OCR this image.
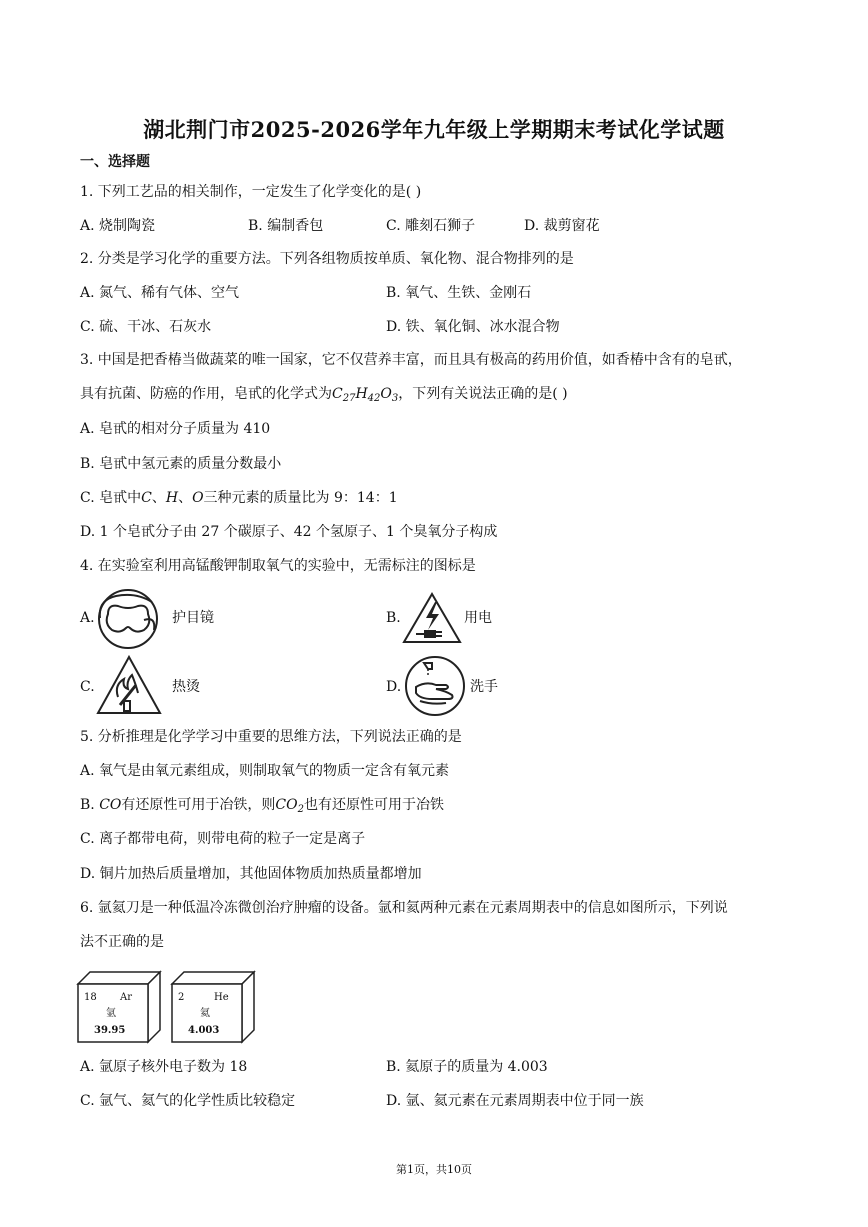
湖北荆门市2025-2026学年九年级上学期期末考试化学试题
一、选择题
1. 下列工艺品的相关制作，一定发生了化学变化的是( )
A. 烧制陶瓷	B. 编制香包	C. 雕刻石狮子	D. 裁剪窗花
2. 分类是学习化学的重要方法。下列各组物质按单质、氧化物、混合物排列的是
A. 氮气、稀有气体、空气	B. 氧气、生铁、金刚石
C. 硫、干冰、石灰水	D. 铁、氧化铜、冰水混合物
3. 中国是把香椿当做蔬菜的唯一国家，它不仅营养丰富，而且具有极高的药用价值，如香椿中含有的皂甙，
具有抗菌、防癌的作用，皂甙的化学式为$C_{27}H_{42}O_3$，下列有关说法正确的是( )
A. 皂甙的相对分子质量为 410
B. 皂甙中氢元素的质量分数最小
C. 皂甙中C、H、O三种元素的质量比为 9：14：1
D. 1 个皂甙分子由 27 个碳原子、42 个氢原子、1 个臭氧分子构成
4. 在实验室利用高锰酸钾制取氧气的实验中，无需标注的图标是
A.	护目镜	B.	用电
C.	热烫	D.	洗手
5. 分析推理是化学学习中重要的思维方法，下列说法正确的是
A. 氧气是由氧元素组成，则制取氧气的物质一定含有氧元素
B. CO有还原性可用于冶铁，则$CO_2$也有还原性可用于冶铁
C. 离子都带电荷，则带电荷的粒子一定是离子
D. 铜片加热后质量增加，其他固体物质加热质量都增加
6. 氩氦刀是一种低温冷冻微创治疗肿瘤的设备。氩和氦两种元素在元素周期表中的信息如图所示，下列说
法不正确的是
18 Ar
氩
39.95
2	He
氦
4.003
A. 氩原子核外电子数为 18	B. 氦原子的质量为 4.003
C. 氩气、氦气的化学性质比较稳定	D. 氩、氦元素在元素周期表中位于同一族
第1页，共10页
